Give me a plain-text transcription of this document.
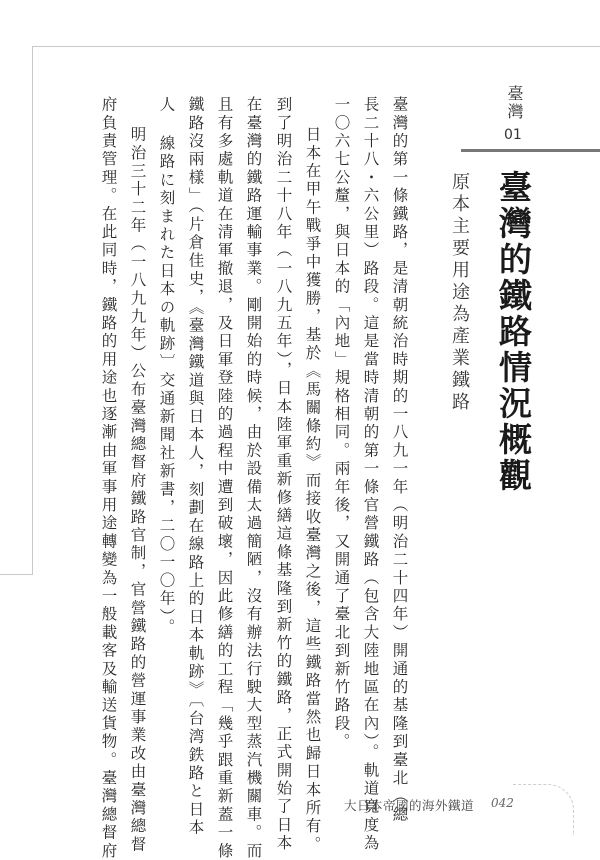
臺灣
01
臺灣的鐵路情況概觀
原本主要用途為產業鐵路
臺灣的第一條鐵路，是清朝統治時期的一八九一年（明治二十四年）開通的基隆到臺北（總
長二十八・六公里）路段。這是當時清朝的第一條官營鐵路（包含大陸地區在內）。軌道寬度為
一〇六七公釐，與日本的「內地」規格相同。兩年後，又開通了臺北到新竹路段。
日本在甲午戰爭中獲勝，基於《馬關條約》而接收臺灣之後，這些鐵路當然也歸日本所有。
到了明治二十八年（一八九五年），日本陸軍重新修繕這條基隆到新竹的鐵路，正式開始了日本
在臺灣的鐵路運輸事業。剛開始的時候，由於設備太過簡陋，沒有辦法行駛大型蒸汽機關車。而
且有多處軌道在清軍撤退，及日軍登陸的過程中遭到破壞，因此修繕的工程「幾乎跟重新蓋一條
鐵路沒兩樣」（片倉佳史，《臺灣鐵道與日本人，刻劃在線路上的日本軌跡》〔台湾鉄路と日本
人 線路に刻まれた日本の軌跡〕交通新聞社新書，二〇一〇年）。
明治三十二年（一八九九年）公布臺灣總督府鐵路官制，官營鐵路的營運事業改由臺灣總督
府負責管理。在此同時，鐵路的用途也逐漸由軍事用途轉變為一般載客及輸送貨物。臺灣總督府	大日本帝國的海外鐵道 042
